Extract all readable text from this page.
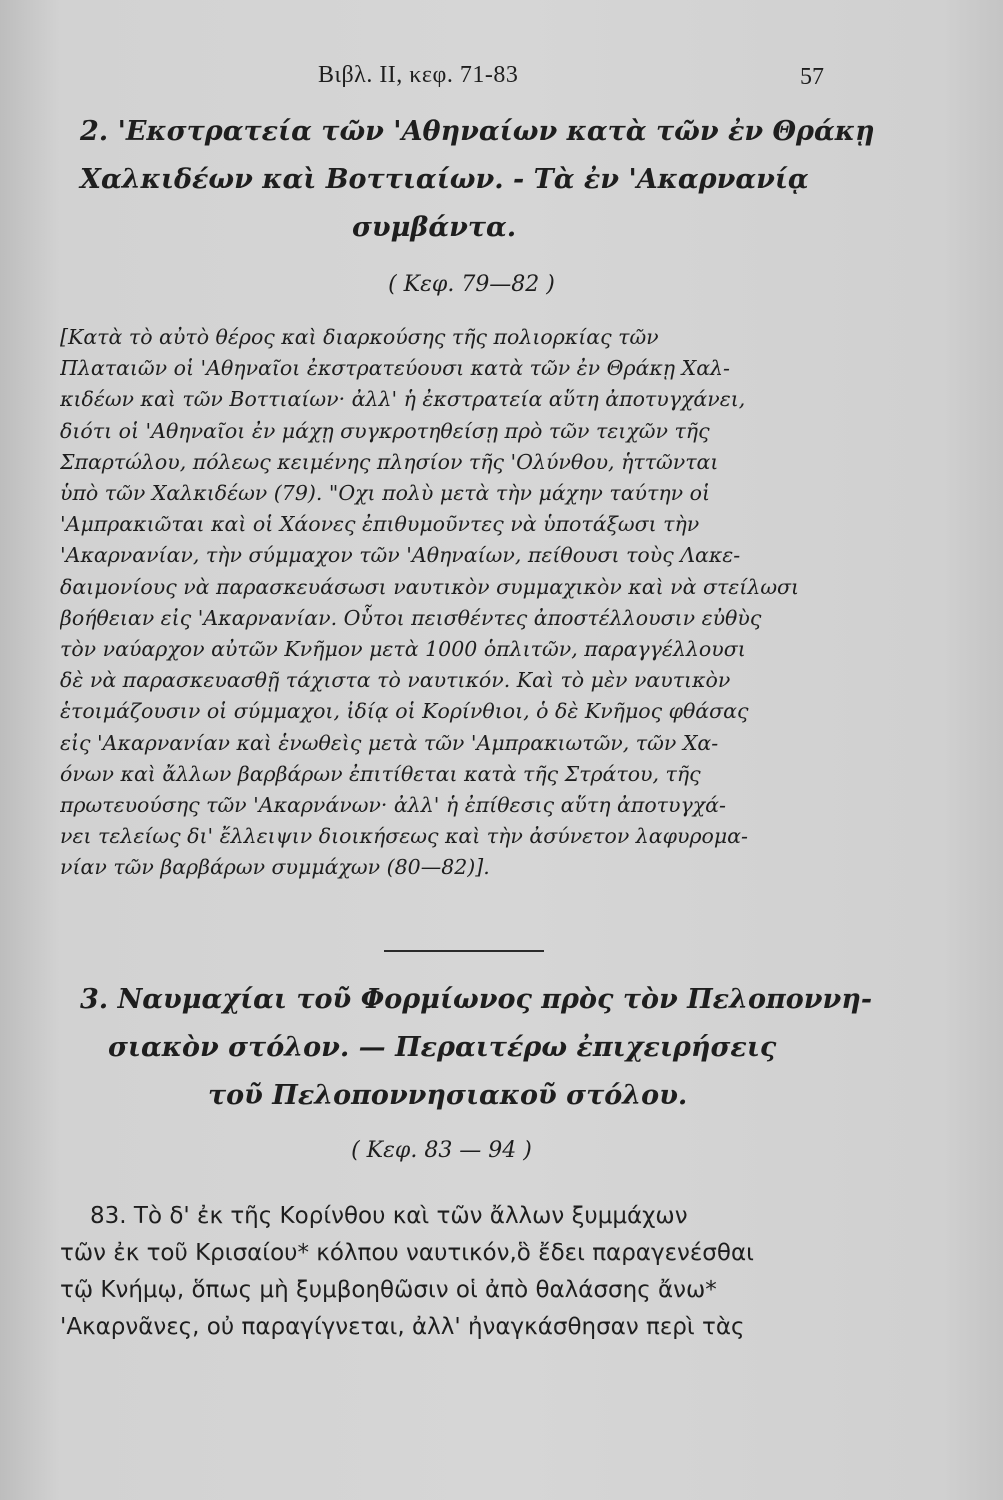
Βιβλ. ΙΙ, κεφ. 71-83	57
2. 'Εκστρατεία τῶν 'Αθηναίων κατὰ τῶν ἐν Θράκῃ
Χαλκιδέων καὶ Βοττιαίων. - Τὰ ἐν 'Ακαρνανίᾳ
συμβάντα.
( Κεφ. 79—82 )
[Κατὰ τὸ αὐτὸ θέρος καὶ διαρκούσης τῆς πολιορκίας τῶν
Πλαταιῶν οἱ 'Αθηναῖοι ἐκστρατεύουσι κατὰ τῶν ἐν Θράκῃ Χαλ-
κιδέων καὶ τῶν Βοττιαίων· ἀλλ' ἡ ἐκστρατεία αὕτη ἀποτυγχάνει,
διότι οἱ 'Αθηναῖοι ἐν μάχῃ συγκροτηθείσῃ πρὸ τῶν τειχῶν τῆς
Σπαρτώλου, πόλεως κειμένης πλησίον τῆς 'Ολύνθου, ἡττῶνται
ὑπὸ τῶν Χαλκιδέων (79). "Οχι πολὺ μετὰ τὴν μάχην ταύτην οἱ
'Αμπρακιῶται καὶ οἱ Χάονες ἐπιθυμοῦντες νὰ ὑποτάξωσι τὴν
'Ακαρνανίαν, τὴν σύμμαχον τῶν 'Αθηναίων, πείθουσι τοὺς Λακε-
δαιμονίους νὰ παρασκευάσωσι ναυτικὸν συμμαχικὸν καὶ νὰ στείλωσι
βοήθειαν εἰς 'Ακαρνανίαν. Οὗτοι πεισθέντες ἀποστέλλουσιν εὐθὺς
τὸν ναύαρχον αὐτῶν Κνῆμον μετὰ 1000 ὁπλιτῶν, παραγγέλλουσι
δὲ νὰ παρασκευασθῇ τάχιστα τὸ ναυτικόν. Καὶ τὸ μὲν ναυτικὸν
ἑτοιμάζουσιν οἱ σύμμαχοι, ἰδίᾳ οἱ Κορίνθιοι, ὁ δὲ Κνῆμος φθάσας
εἰς 'Ακαρνανίαν καὶ ἑνωθεὶς μετὰ τῶν 'Αμπρακιωτῶν, τῶν Χα-
όνων καὶ ἄλλων βαρβάρων ἐπιτίθεται κατὰ τῆς Στράτου, τῆς
πρωτευούσης τῶν 'Ακαρνάνων· ἀλλ' ἡ ἐπίθεσις αὕτη ἀποτυγχά-
νει τελείως δι' ἔλλειψιν διοικήσεως καὶ τὴν ἀσύνετον λαφυρομα-
νίαν τῶν βαρβάρων συμμάχων (80—82)].
3. Ναυμαχίαι τοῦ Φορμίωνος πρὸς τὸν Πελοποννη-
σιακὸν στόλον. — Περαιτέρω ἐπιχειρήσεις
τοῦ Πελοποννησιακοῦ στόλου.
( Κεφ. 83 — 94 )
83. Τὸ δ' ἐκ τῆς Κορίνθου καὶ τῶν ἄλλων ξυμμάχων
τῶν ἐκ τοῦ Κρισαίου* κόλπου ναυτικόν,ὃ ἔδει παραγενέσθαι
τῷ Κνήμῳ, ὅπως μὴ ξυμβοηθῶσιν οἱ ἀπὸ θαλάσσης ἄνω*
'Ακαρνᾶνες, οὐ παραγίγνεται, ἀλλ' ἠναγκάσθησαν περὶ τὰς
